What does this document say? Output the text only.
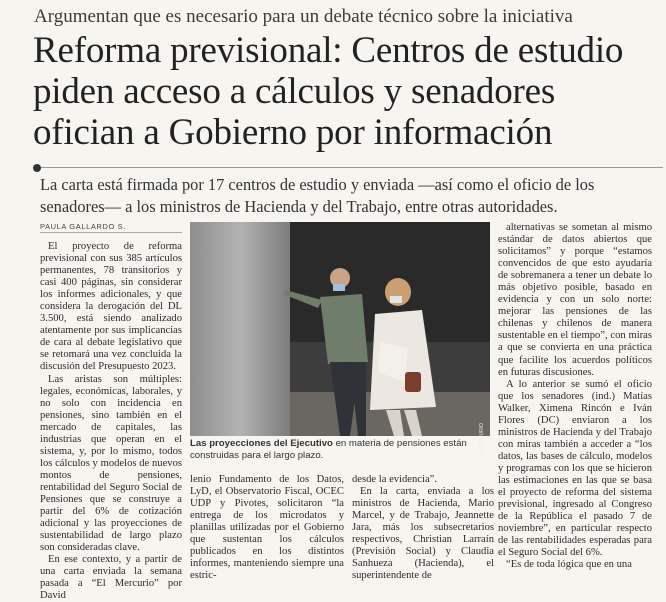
Argumentan que es necesario para un debate técnico sobre la iniciativa
Reforma previsional: Centros de estudio piden acceso a cálculos y senadores ofician a Gobierno por información
La carta está firmada por 17 centros de estudio y enviada —así como el oficio de los senadores— a los ministros de Hacienda y del Trabajo, entre otras autoridades.
PAULA GALLARDO S.

El proyecto de reforma previsional con sus 385 artículos permanentes, 78 transitorios y casi 400 páginas, sin considerar los informes adicionales, y que considera la derogación del DL 3.500, está siendo analizado atentamente por sus implicancias de cara al debate legislativo que se retomará una vez concluida la discusión del Presupuesto 2023.

Las aristas son múltiples: legales, económicas, laborales, y no solo con incidencia en pensiones, sino también en el mercado de capitales, las industrias que operan en el sistema, y, por lo mismo, todos los cálculos y modelos de nuevos montos de pensiones, rentabilidad del Seguro Social de Pensiones que se construye a partir del 6% de cotización adicional y las proyecciones de sustentabilidad de largo plazo son consideradas clave.

En ese contexto, y a partir de una carta enviada la semana pasada a “El Mercurio” por David

EL MERCURIO
Las proyecciones del Ejecutivo en materia de pensiones están construidas para el largo plazo.

lenio Fundamento de los Datos, LyD, el Observatorio Fiscal, OCEC UDP y Pivotes, solicitaron “la entrega de los microdatos y planillas utilizadas por el Gobierno que sustentan los cálculos publicados en los distintos informes, manteniendo siempre una estric-

desde la evidencia”.

En la carta, enviada a los ministros de Hacienda, Mario Marcel, y de Trabajo, Jeannette Jara, más los subsecretarios respectivos, Christian Larraín (Previsión Social) y Claudia Sanhueza (Hacienda), el superintendente de

alternativas se sometan al mismo estándar de datos abiertos que solicitamos” y porque “estamos convencidos de que esto ayudaría de sobremanera a tener un debate lo más objetivo posible, basado en evidencia y con un solo norte: mejorar las pensiones de las chilenas y chilenos de manera sustentable en el tiempo”, con miras a que se convierta en una práctica que facilite los acuerdos políticos en futuras discusiones.

A lo anterior se sumó el oficio que los senadores (ind.) Matías Walker, Ximena Rincón e Iván Flores (DC) enviaron a los ministros de Hacienda y del Trabajo con miras también a acceder a “los datos, las bases de cálculo, modelos y programas con los que se hicieron las estimaciones en las que se basa el proyecto de reforma del sistema previsional, ingresado al Congreso de la República el pasado 7 de noviembre”, en particular respecto de las rentabilidades esperadas para el Seguro Social del 6%.

“Es de toda lógica que en una
